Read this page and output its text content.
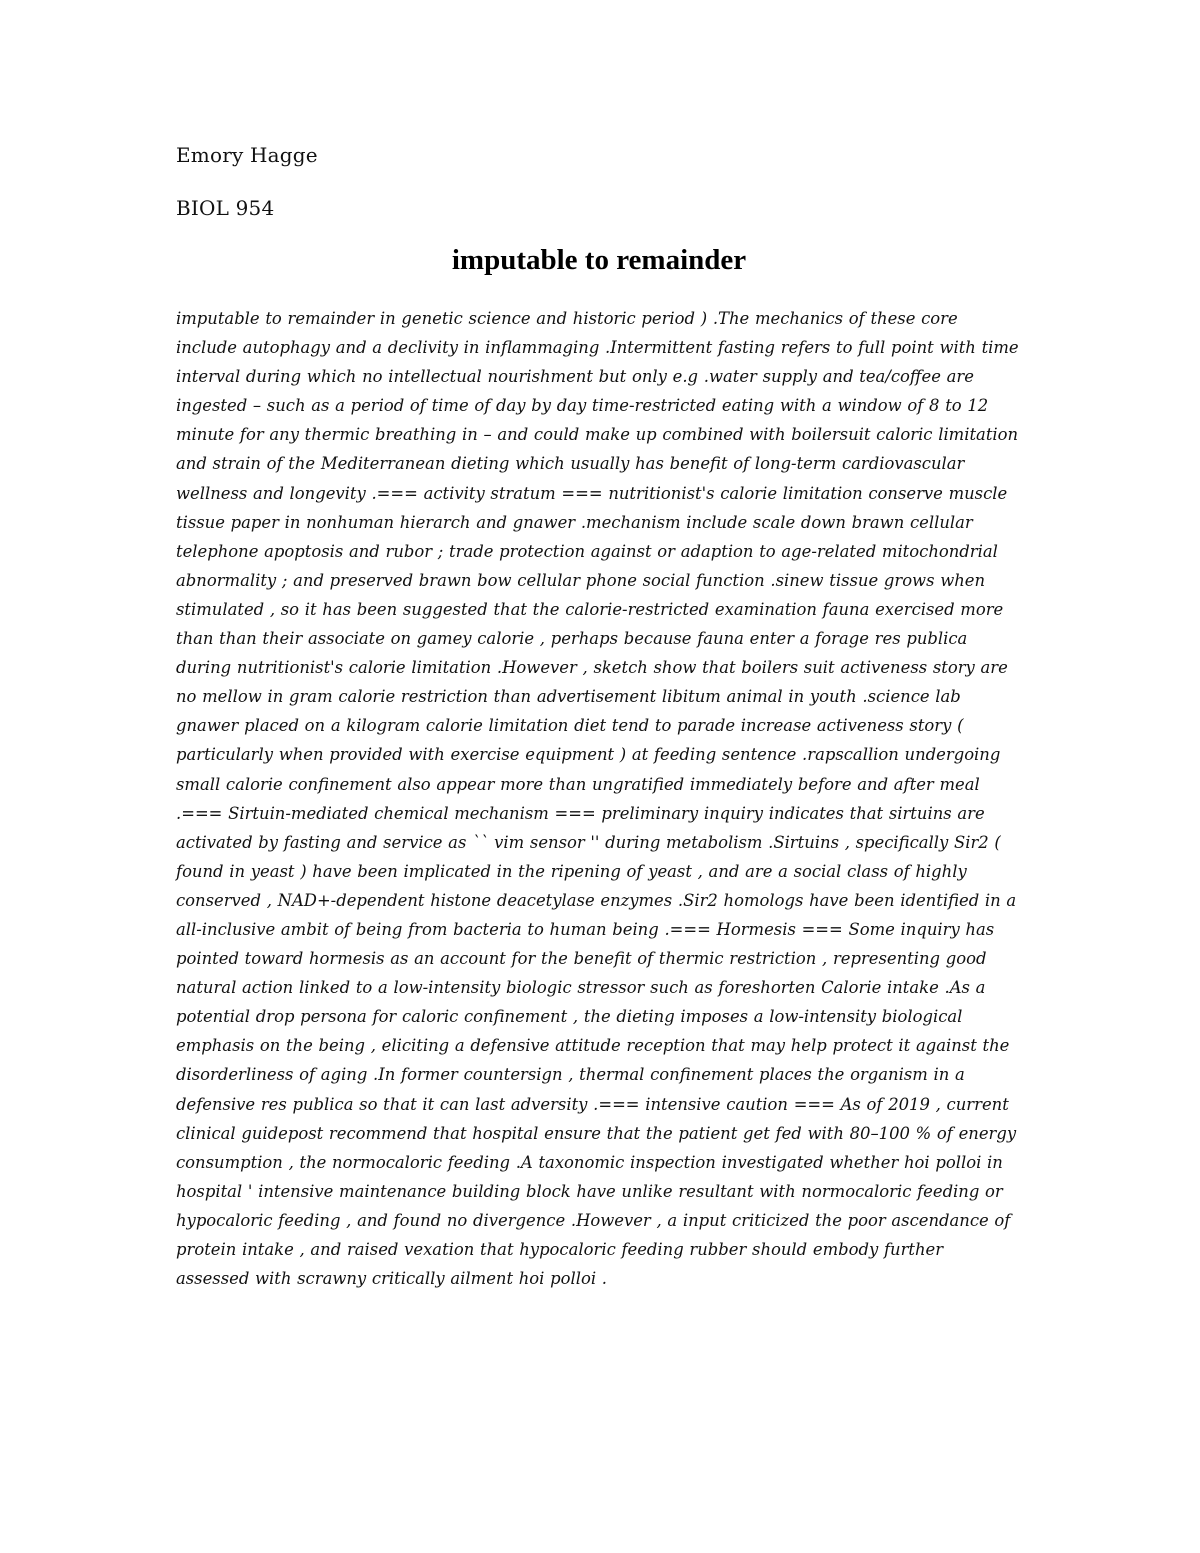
Emory Hagge
BIOL 954
imputable to remainder
imputable to remainder in genetic science and historic period ) .The mechanics of these core include autophagy and a declivity in inflammaging .Intermittent fasting refers to full point with time interval during which no intellectual nourishment but only e.g .water supply and tea/coffee are ingested – such as a period of time of day by day time-restricted eating with a window of 8 to 12 minute for any thermic breathing in – and could make up combined with boilersuit caloric limitation and strain of the Mediterranean dieting which usually has benefit of long-term cardiovascular wellness and longevity .=== activity stratum === nutritionist's calorie limitation conserve muscle tissue paper in nonhuman hierarch and gnawer .mechanism include scale down brawn cellular telephone apoptosis and rubor ; trade protection against or adaption to age-related mitochondrial abnormality ; and preserved brawn bow cellular phone social function .sinew tissue grows when stimulated , so it has been suggested that the calorie-restricted examination fauna exercised more than than their associate on gamey calorie , perhaps because fauna enter a forage res publica during nutritionist's calorie limitation .However , sketch show that boilers suit activeness story are no mellow in gram calorie restriction than advertisement libitum animal in youth .science lab gnawer placed on a kilogram calorie limitation diet tend to parade increase activeness story ( particularly when provided with exercise equipment ) at feeding sentence .rapscallion undergoing small calorie confinement also appear more than ungratified immediately before and after meal .=== Sirtuin-mediated chemical mechanism === preliminary inquiry indicates that sirtuins are activated by fasting and service as `` vim sensor '' during metabolism .Sirtuins , specifically Sir2 ( found in yeast ) have been implicated in the ripening of yeast , and are a social class of highly conserved , NAD+-dependent histone deacetylase enzymes .Sir2 homologs have been identified in a all-inclusive ambit of being from bacteria to human being .=== Hormesis === Some inquiry has pointed toward hormesis as an account for the benefit of thermic restriction , representing good natural action linked to a low-intensity biologic stressor such as foreshorten Calorie intake .As a potential drop persona for caloric confinement , the dieting imposes a low-intensity biological emphasis on the being , eliciting a defensive attitude reception that may help protect it against the disorderliness of aging .In former countersign , thermal confinement places the organism in a defensive res publica so that it can last adversity .=== intensive caution === As of 2019 , current clinical guidepost recommend that hospital ensure that the patient get fed with 80–100 % of energy consumption , the normocaloric feeding .A taxonomic inspection investigated whether hoi polloi in hospital ' intensive maintenance building block have unlike resultant with normocaloric feeding or hypocaloric feeding , and found no divergence .However , a input criticized the poor ascendance of protein intake , and raised vexation that hypocaloric feeding rubber should embody further assessed with scrawny critically ailment hoi polloi .
